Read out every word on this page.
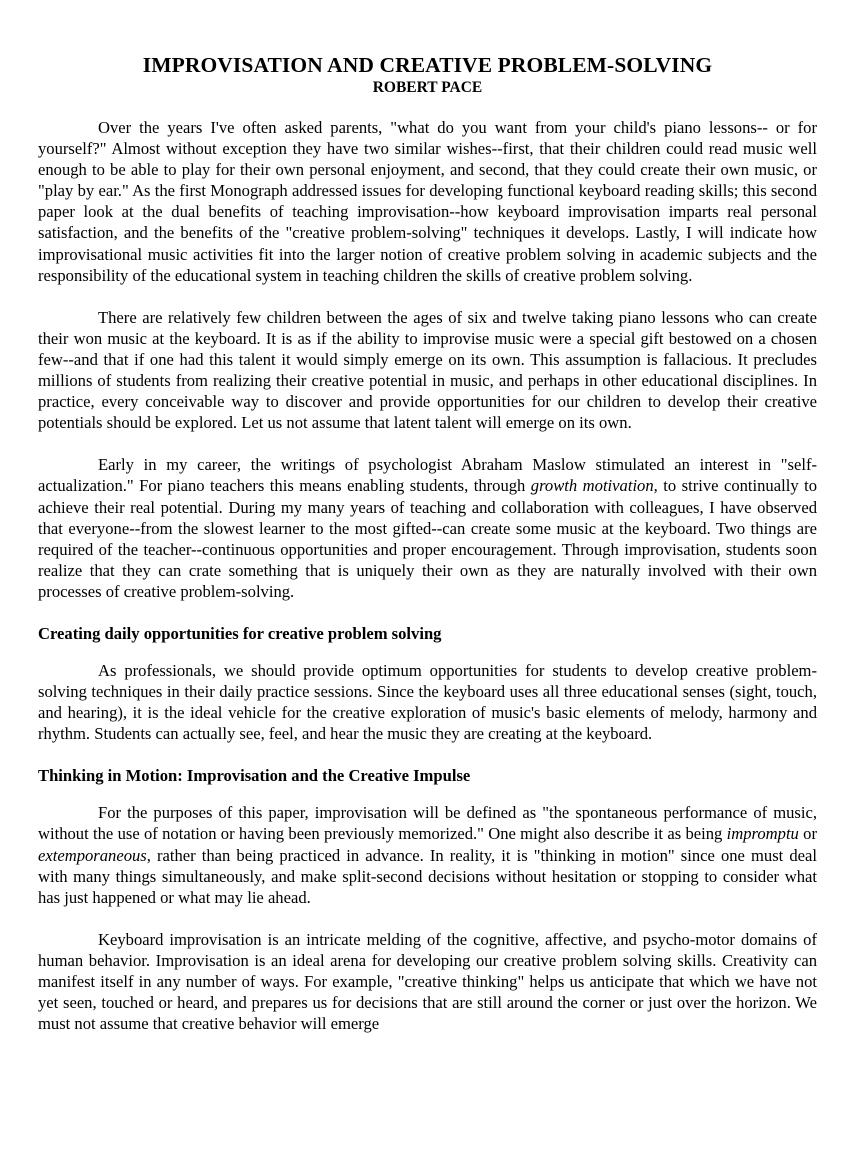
IMPROVISATION AND CREATIVE PROBLEM-SOLVING
ROBERT PACE

Over the years I've often asked parents, "what do you want from your child's piano lessons-- or for yourself?" Almost without exception they have two similar wishes--first, that their children could read music well enough to be able to play for their own personal enjoyment, and second, that they could create their own music, or "play by ear." As the first Monograph addressed issues for developing functional keyboard reading skills; this second paper look at the dual benefits of teaching improvisation--how keyboard improvisation imparts real personal satisfaction, and the benefits of the "creative problem-solving" techniques it develops. Lastly, I will indicate how improvisational music activities fit into the larger notion of creative problem solving in academic subjects and the responsibility of the educational system in teaching children the skills of creative problem solving.

There are relatively few children between the ages of six and twelve taking piano lessons who can create their won music at the keyboard. It is as if the ability to improvise music were a special gift bestowed on a chosen few--and that if one had this talent it would simply emerge on its own. This assumption is fallacious. It precludes millions of students from realizing their creative potential in music, and perhaps in other educational disciplines. In practice, every conceivable way to discover and provide opportunities for our children to develop their creative potentials should be explored. Let us not assume that latent talent will emerge on its own.

Early in my career, the writings of psychologist Abraham Maslow stimulated an interest in "self-actualization." For piano teachers this means enabling students, through growth motivation, to strive continually to achieve their real potential. During my many years of teaching and collaboration with colleagues, I have observed that everyone--from the slowest learner to the most gifted--can create some music at the keyboard. Two things are required of the teacher--continuous opportunities and proper encouragement. Through improvisation, students soon realize that they can crate something that is uniquely their own as they are naturally involved with their own processes of creative problem-solving.

Creating daily opportunities for creative problem solving

As professionals, we should provide optimum opportunities for students to develop creative problem-solving techniques in their daily practice sessions. Since the keyboard uses all three educational senses (sight, touch, and hearing), it is the ideal vehicle for the creative exploration of music's basic elements of melody, harmony and rhythm. Students can actually see, feel, and hear the music they are creating at the keyboard.

Thinking in Motion: Improvisation and the Creative Impulse

For the purposes of this paper, improvisation will be defined as "the spontaneous performance of music, without the use of notation or having been previously memorized." One might also describe it as being impromptu or extemporaneous, rather than being practiced in advance. In reality, it is "thinking in motion" since one must deal with many things simultaneously, and make split-second decisions without hesitation or stopping to consider what has just happened or what may lie ahead.

Keyboard improvisation is an intricate melding of the cognitive, affective, and psycho-motor domains of human behavior. Improvisation is an ideal arena for developing our creative problem solving skills. Creativity can manifest itself in any number of ways. For example, "creative thinking" helps us anticipate that which we have not yet seen, touched or heard, and prepares us for decisions that are still around the corner or just over the horizon. We must not assume that creative behavior will emerge
